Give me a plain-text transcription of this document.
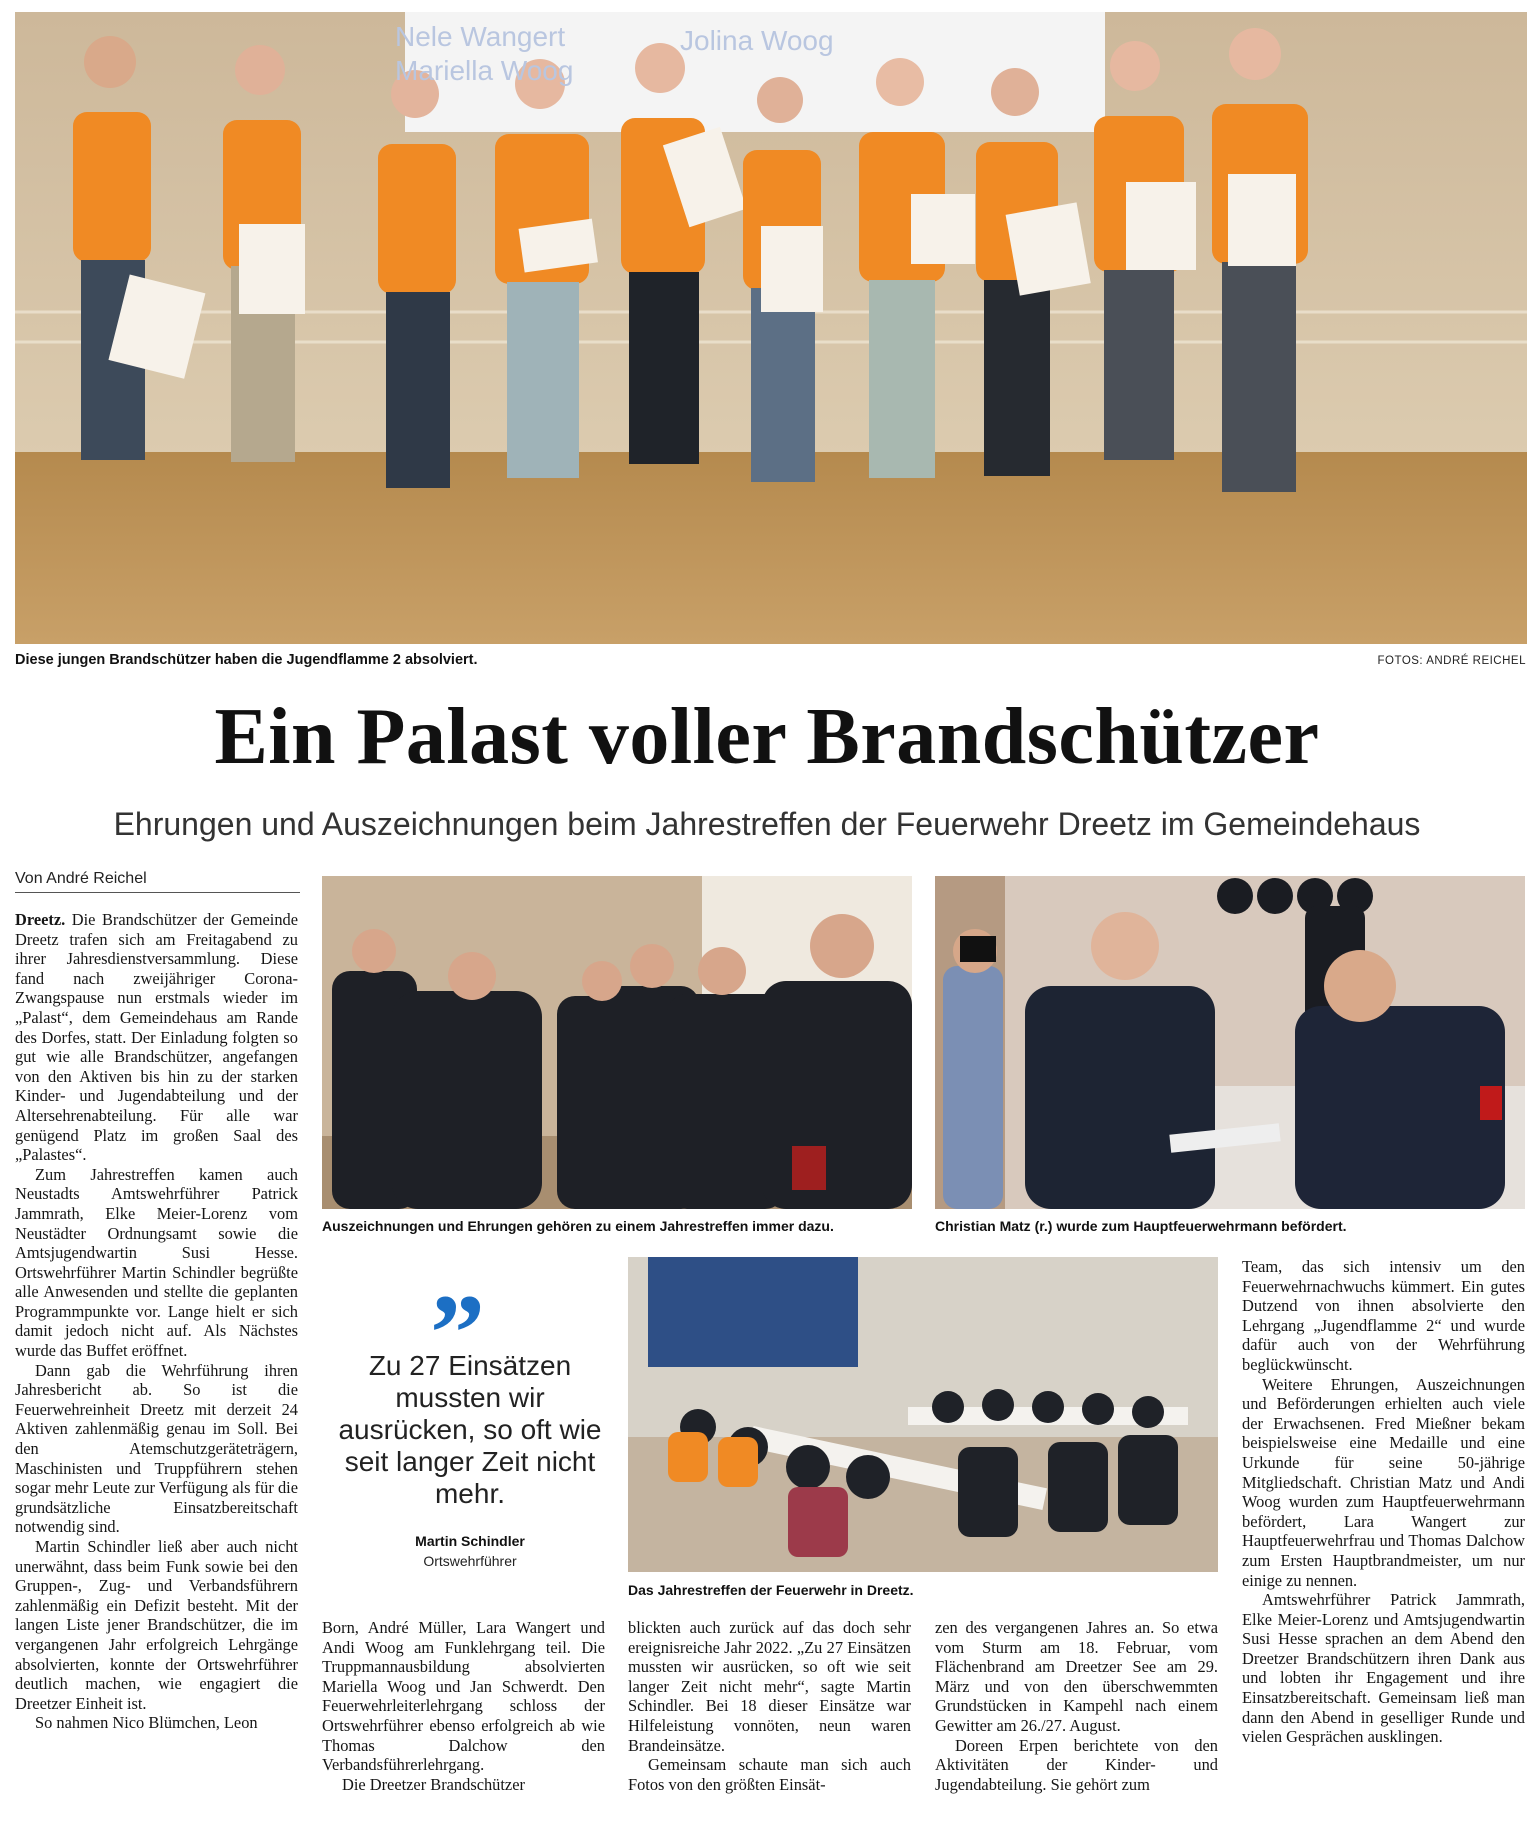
Nele Wangert
Mariella Woog
Jolina Woog
Diese jungen Brandschützer haben die Jugendflamme 2 absolviert.	FOTOS: ANDRÉ REICHEL
Ein Palast voller Brandschützer
Ehrungen und Auszeichnungen beim Jahrestreffen der Feuerwehr Dreetz im Gemeindehaus
Von André Reichel
Auszeichnungen und Ehrungen gehören zu einem Jahrestreffen immer dazu.	Christian Matz (r.) wurde zum Hauptfeuerwehrmann befördert.
Das Jahrestreffen der Feuerwehr in Dreetz.
”
Zu 27 Einsätzen mussten wir ausrücken, so oft wie seit langer Zeit nicht mehr.
Martin Schindler
Ortswehrführer

Dreetz. Die Brandschützer der Gemeinde Dreetz trafen sich am Freitagabend zu ihrer Jahresdienstversammlung. Diese fand nach zweijähriger Corona-Zwangspause nun erstmals wieder im „Palast“, dem Gemeindehaus am Rande des Dorfes, statt. Der Einladung folgten so gut wie alle Brandschützer, angefangen von den Aktiven bis hin zu der starken Kinder- und Jugendabteilung und der Altersehrenabteilung. Für alle war genügend Platz im großen Saal des „Palastes“.

Zum Jahrestreffen kamen auch Neustadts Amtswehrführer Patrick Jammrath, Elke Meier-Lorenz vom Neustädter Ordnungsamt sowie die Amtsjugendwartin Susi Hesse. Ortswehrführer Martin Schindler begrüßte alle Anwesenden und stellte die geplanten Programmpunkte vor. Lange hielt er sich damit jedoch nicht auf. Als Nächstes wurde das Buffet eröffnet.

Dann gab die Wehrführung ihren Jahresbericht ab. So ist die Feuerwehreinheit Dreetz mit derzeit 24 Aktiven zahlenmäßig genau im Soll. Bei den Atemschutzgeräteträgern, Maschinisten und Truppführern stehen sogar mehr Leute zur Verfügung als für die grundsätzliche Einsatzbereitschaft notwendig sind.

Martin Schindler ließ aber auch nicht unerwähnt, dass beim Funk sowie bei den Gruppen-, Zug- und Verbandsführern zahlenmäßig ein Defizit besteht. Mit der langen Liste jener Brandschützer, die im vergangenen Jahr erfolgreich Lehrgänge absolvierten, konnte der Ortswehrführer deutlich machen, wie engagiert die Dreetzer Einheit ist.

So nahmen Nico Blümchen, Leon

Born, André Müller, Lara Wangert und Andi Woog am Funklehrgang teil. Die Truppmannausbildung absolvierten Mariella Woog und Jan Schwerdt. Den Feuerwehrleiterlehrgang schloss der Ortswehrführer ebenso erfolgreich ab wie Thomas Dalchow den Verbandsführerlehrgang.

Die Dreetzer Brandschützer

blickten auch zurück auf das doch sehr ereignisreiche Jahr 2022. „Zu 27 Einsätzen mussten wir ausrücken, so oft wie seit langer Zeit nicht mehr“, sagte Martin Schindler. Bei 18 dieser Einsätze war Hilfeleistung vonnöten, neun waren Brandeinsätze.

Gemeinsam schaute man sich auch Fotos von den größten Einsät-

zen des vergangenen Jahres an. So etwa vom Sturm am 18. Februar, vom Flächenbrand am Dreetzer See am 29. März und von den überschwemmten Grundstücken in Kampehl nach einem Gewitter am 26./27. August.

Doreen Erpen berichtete von den Aktivitäten der Kinder- und Jugendabteilung. Sie gehört zum

Team, das sich intensiv um den Feuerwehrnachwuchs kümmert. Ein gutes Dutzend von ihnen absolvierte den Lehrgang „Jugendflamme 2“ und wurde dafür auch von der Wehrführung beglückwünscht.

Weitere Ehrungen, Auszeichnungen und Beförderungen erhielten auch viele der Erwachsenen. Fred Mießner bekam beispielsweise eine Medaille und eine Urkunde für seine 50-jährige Mitgliedschaft. Christian Matz und Andi Woog wurden zum Hauptfeuerwehrmann befördert, Lara Wangert zur Hauptfeuerwehrfrau und Thomas Dalchow zum Ersten Hauptbrandmeister, um nur einige zu nennen.

Amtswehrführer Patrick Jammrath, Elke Meier-Lorenz und Amtsjugendwartin Susi Hesse sprachen an dem Abend den Dreetzer Brandschützern ihren Dank aus und lobten ihr Engagement und ihre Einsatzbereitschaft. Gemeinsam ließ man dann den Abend in geselliger Runde und vielen Gesprächen ausklingen.
